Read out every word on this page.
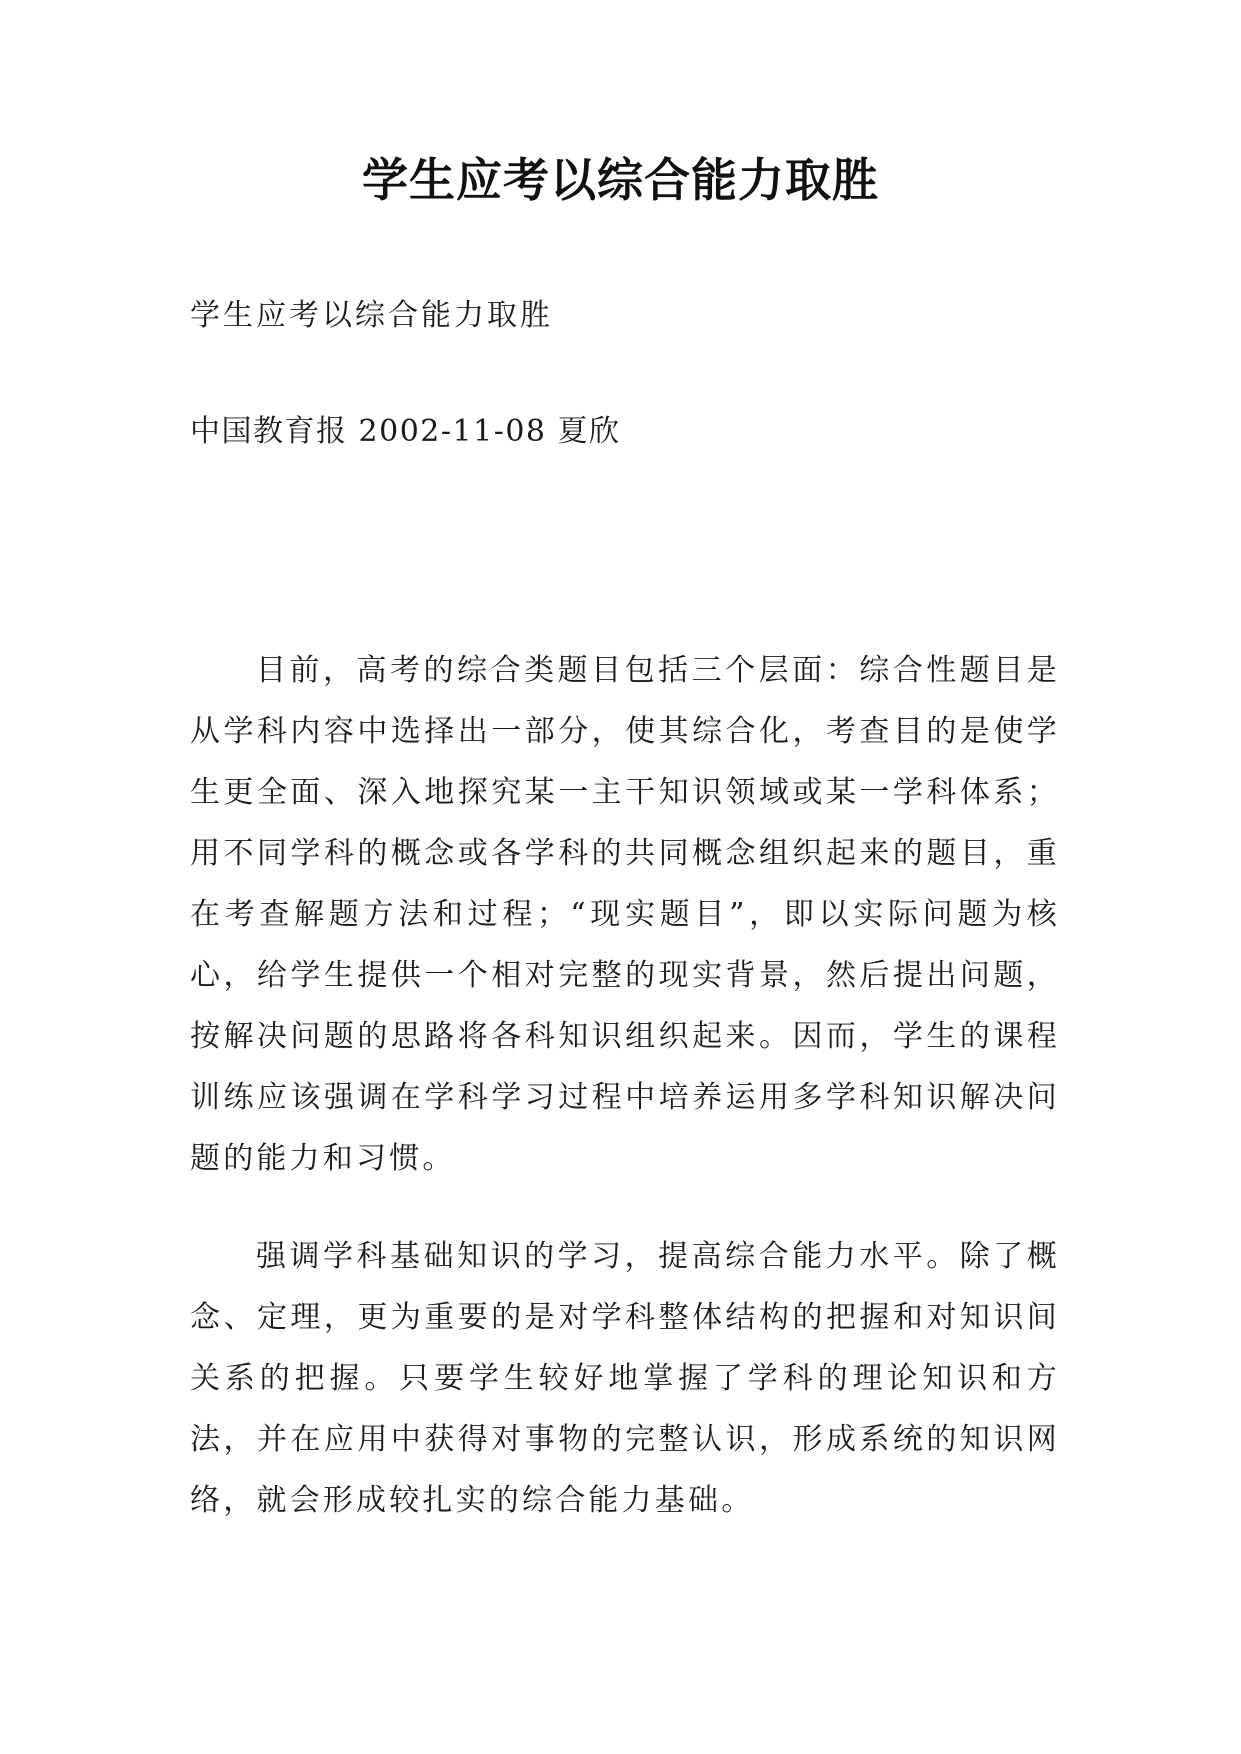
学生应考以综合能力取胜
学生应考以综合能力取胜
中国教育报 2002-11-08 夏欣

目前，高考的综合类题目包括三个层面：综合性题目是从学科内容中选择出一部分，使其综合化，考查目的是使学生更全面、深入地探究某一主干知识领域或某一学科体系；用不同学科的概念或各学科的共同概念组织起来的题目，重在考查解题方法和过程；“现实题目”，即以实际问题为核心，给学生提供一个相对完整的现实背景，然后提出问题，按解决问题的思路将各科知识组织起来。因而，学生的课程训练应该强调在学科学习过程中培养运用多学科知识解决问题的能力和习惯。

强调学科基础知识的学习，提高综合能力水平。除了概念、定理，更为重要的是对学科整体结构的把握和对知识间关系的把握。只要学生较好地掌握了学科的理论知识和方法，并在应用中获得对事物的完整认识，形成系统的知识网络，就会形成较扎实的综合能力基础。
